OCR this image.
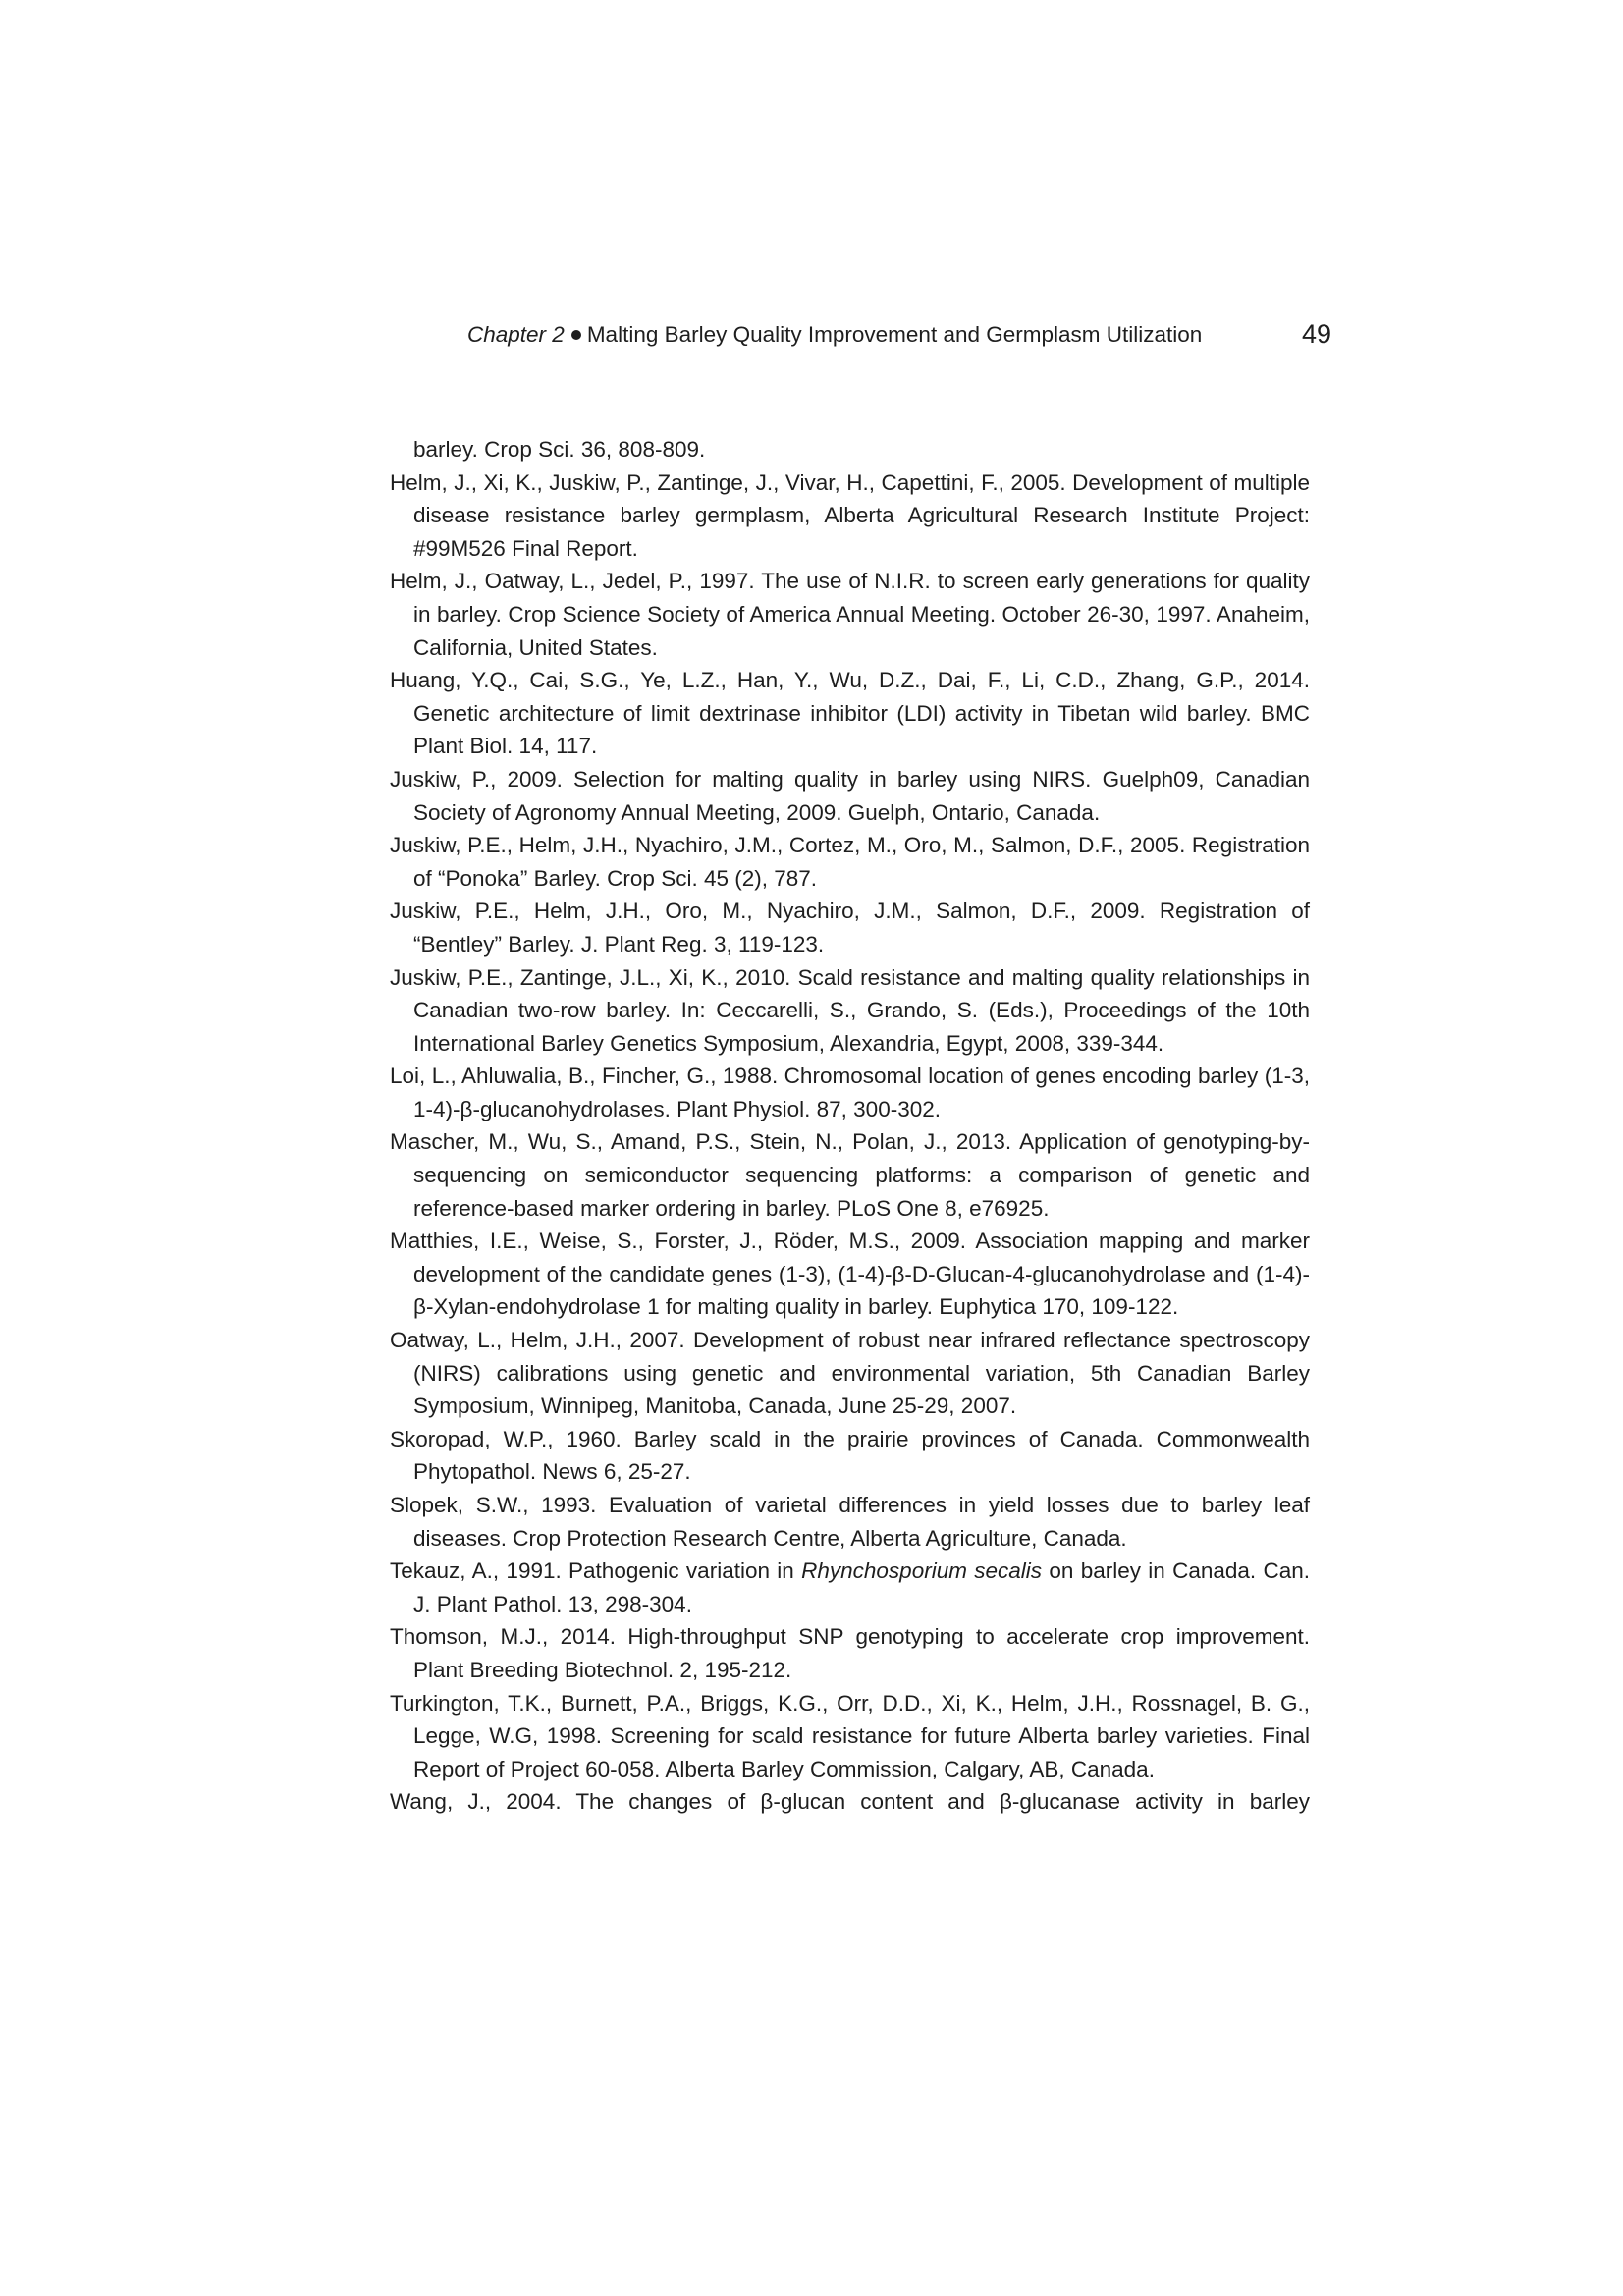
Chapter 2 Malting Barley Quality Improvement and Germplasm Utilization	49

barley. Crop Sci. 36, 808-809.

Helm, J., Xi, K., Juskiw, P., Zantinge, J., Vivar, H., Capettini, F., 2005. Development of multiple disease resistance barley germplasm, Alberta Agricultural Research Institute Project: #99M526 Final Report.

Helm, J., Oatway, L., Jedel, P., 1997. The use of N.I.R. to screen early generations for quality in barley. Crop Science Society of America Annual Meeting. October 26-30, 1997. Anaheim, California, United States.

Huang, Y.Q., Cai, S.G., Ye, L.Z., Han, Y., Wu, D.Z., Dai, F., Li, C.D., Zhang, G.P., 2014. Genetic architecture of limit dextrinase inhibitor (LDI) activity in Tibetan wild barley. BMC Plant Biol. 14, 117.

Juskiw, P., 2009. Selection for malting quality in barley using NIRS. Guelph09, Canadian Society of Agronomy Annual Meeting, 2009. Guelph, Ontario, Canada.

Juskiw, P.E., Helm, J.H., Nyachiro, J.M., Cortez, M., Oro, M., Salmon, D.F., 2005. Registration of “Ponoka” Barley. Crop Sci. 45 (2), 787.

Juskiw, P.E., Helm, J.H., Oro, M., Nyachiro, J.M., Salmon, D.F., 2009. Registration of “Bentley” Barley. J. Plant Reg. 3, 119-123.

Juskiw, P.E., Zantinge, J.L., Xi, K., 2010. Scald resistance and malting quality relationships in Canadian two-row barley. In: Ceccarelli, S., Grando, S. (Eds.), Proceedings of the 10th International Barley Genetics Symposium, Alexandria, Egypt, 2008, 339-344.

Loi, L., Ahluwalia, B., Fincher, G., 1988. Chromosomal location of genes encoding barley (1-3, 1-4)-β-glucanohydrolases. Plant Physiol. 87, 300-302.

Mascher, M., Wu, S., Amand, P.S., Stein, N., Polan, J., 2013. Application of genotyping-by-sequencing on semiconductor sequencing platforms: a comparison of genetic and reference-based marker ordering in barley. PLoS One 8, e76925.

Matthies, I.E., Weise, S., Forster, J., Röder, M.S., 2009. Association mapping and marker development of the candidate genes (1-3), (1-4)-β-D-Glucan-4-glucanohydrolase and (1-4)-β-Xylan-endohydrolase 1 for malting quality in barley. Euphytica 170, 109-122.

Oatway, L., Helm, J.H., 2007. Development of robust near infrared reflectance spectroscopy (NIRS) calibrations using genetic and environmental variation, 5th Canadian Barley Symposium, Winnipeg, Manitoba, Canada, June 25-29, 2007.

Skoropad, W.P., 1960. Barley scald in the prairie provinces of Canada. Commonwealth Phytopathol. News 6, 25-27.

Slopek, S.W., 1993. Evaluation of varietal differences in yield losses due to barley leaf diseases. Crop Protection Research Centre, Alberta Agriculture, Canada.

Tekauz, A., 1991. Pathogenic variation in Rhynchosporium secalis on barley in Canada. Can. J. Plant Pathol. 13, 298-304.

Thomson, M.J., 2014. High-throughput SNP genotyping to accelerate crop improvement. Plant Breeding Biotechnol. 2, 195-212.

Turkington, T.K., Burnett, P.A., Briggs, K.G., Orr, D.D., Xi, K., Helm, J.H., Rossnagel, B. G., Legge, W.G, 1998. Screening for scald resistance for future Alberta barley varieties. Final Report of Project 60-058. Alberta Barley Commission, Calgary, AB, Canada.

Wang, J., 2004. The changes of β-glucan content and β-glucanase activity in barley
